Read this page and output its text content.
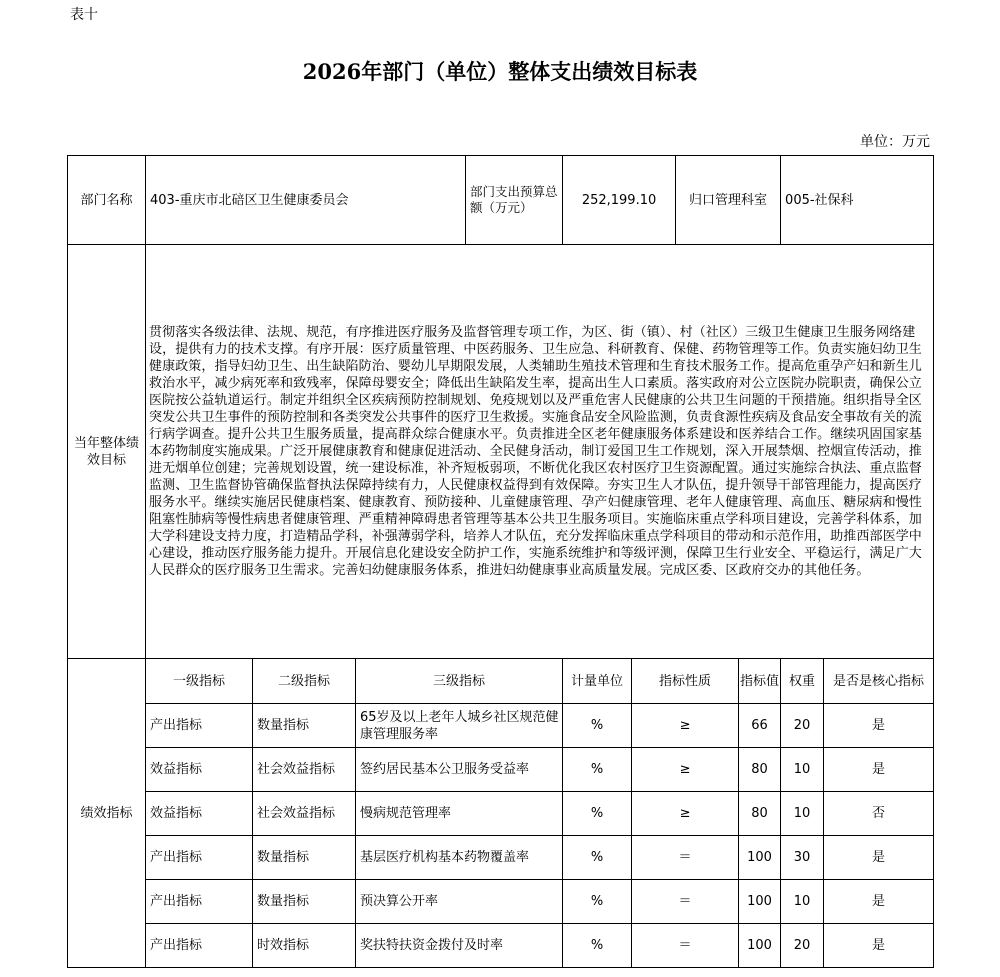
表十
2026年部门（单位）整体支出绩效目标表
单位：万元
部门名称	403-重庆市北碚区卫生健康委员会			部门支出预算总额（万元）	252,199.10		归口管理科室		005-社保科	
当年整体绩效目标	贯彻落实各级法律、法规、规范，有序推进医疗服务及监督管理专项工作，为区、街（镇）、村（社区）三级卫生健康卫生服务网络建设，提供有力的技术支撑。有序开展：医疗质量管理、中医药服务、卫生应急、科研教育、保健、药物管理等工作。负责实施妇幼卫生健康政策，指导妇幼卫生、出生缺陷防治、婴幼儿早期限发展，人类辅助生殖技术管理和生育技术服务工作。提高危重孕产妇和新生儿救治水平，减少病死率和致残率，保障母婴安全；降低出生缺陷发生率，提高出生人口素质。落实政府对公立医院办院职责，确保公立医院按公益轨道运行。制定并组织全区疾病预防控制规划、免疫规划以及严重危害人民健康的公共卫生问题的干预措施。组织指导全区突发公共卫生事件的预防控制和各类突发公共事件的医疗卫生救援。实施食品安全风险监测，负责食源性疾病及食品安全事故有关的流行病学调查。提升公共卫生服务质量，提高群众综合健康水平。负责推进全区老年健康服务体系建设和医养结合工作。继续巩固国家基本药物制度实施成果。广泛开展健康教育和健康促进活动、全民健身活动，制订爱国卫生工作规划，深入开展禁烟、控烟宣传活动，推进无烟单位创建；完善规划设置，统一建设标准，补齐短板弱项，不断优化我区农村医疗卫生资源配置。通过实施综合执法、重点监督监测、卫生监督协管确保监督执法保障持续有力，人民健康权益得到有效保障。夯实卫生人才队伍，提升领导干部管理能力，提高医疗服务水平。继续实施居民健康档案、健康教育、预防接种、儿童健康管理、孕产妇健康管理、老年人健康管理、高血压、糖尿病和慢性阻塞性肺病等慢性病患者健康管理、严重精神障碍患者管理等基本公共卫生服务项目。实施临床重点学科项目建设，完善学科体系，加大学科建设支持力度，打造精品学科，补强薄弱学科，培养人才队伍，充分发挥临床重点学科项目的带动和示范作用，助推西部医学中心建设，推动医疗服务能力提升。开展信息化建设安全防护工作，实施系统维护和等级评测，保障卫生行业安全、平稳运行，满足广大人民群众的医疗服务卫生需求。完善妇幼健康服务体系，推进妇幼健康事业高质量发展。完成区委、区政府交办的其他任务。									
绩效指标	一级指标	二级指标	三级指标		计量单位	指标性质		指标值	权重	是否是核心指标
	产出指标	数量指标	65岁及以上老年人城乡社区规范健康管理服务率		%	≥		66	20	是
	效益指标	社会效益指标	签约居民基本公卫服务受益率		%	≥		80	10	是
	效益指标	社会效益指标	慢病规范管理率		%	≥		80	10	否
	产出指标	数量指标	基层医疗机构基本药物覆盖率		%	＝		100	30	是
	产出指标	数量指标	预决算公开率		%	＝		100	10	是
	产出指标	时效指标	奖扶特扶资金拨付及时率		%	＝		100	20	是
